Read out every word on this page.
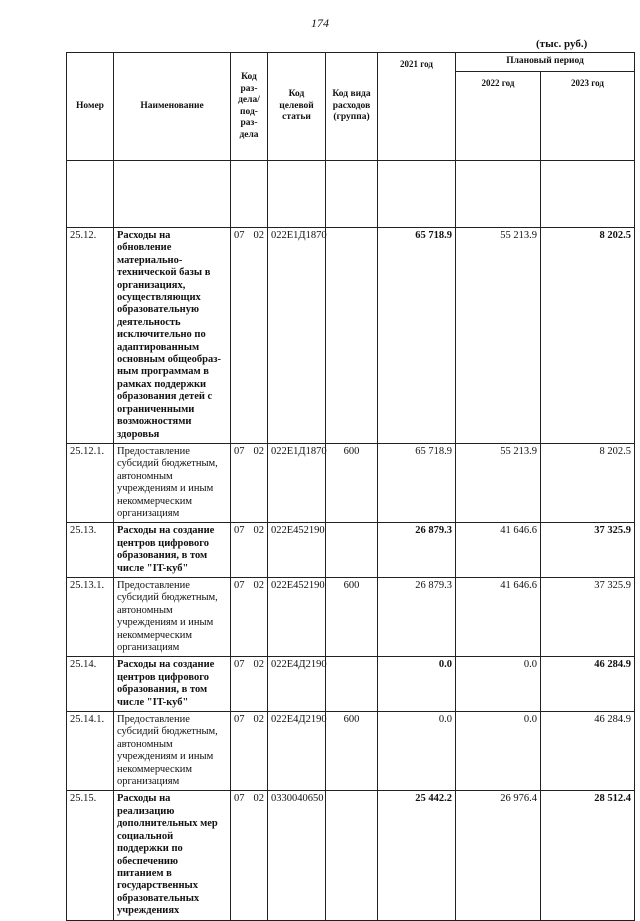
174
(тыс. руб.)
Номер	Наименование	Код раз-дела/ под-раз-дела	Код целевой статьи	Код вида расходов (группа)	2021 год	Плановый период	
						2022 год	2023 год

25.12.	Расходы на обновление материально-технической базы в организациях, осуществляющих образовательную деятельность исключительно по адаптированным основным общеобраз-ным программам в рамках поддержки образования детей с ограниченными возможностями здоровья	07 02	022Е1Д1870		65 718.9	55 213.9	8 202.5
25.12.1.	Предоставление субсидий бюджетным, автономным учреждениям и иным некоммерческим организациям	07 02	022Е1Д1870	600	65 718.9	55 213.9	8 202.5
25.13.	Расходы на создание центров цифрового образования, в том числе "IT-куб"	07 02	022Е452190		26 879.3	41 646.6	37 325.9
25.13.1.	Предоставление субсидий бюджетным, автономным учреждениям и иным некоммерческим организациям	07 02	022Е452190	600	26 879.3	41 646.6	37 325.9
25.14.	Расходы на создание центров цифрового образования, в том числе "IT-куб"	07 02	022Е4Д2190		0.0	0.0	46 284.9
25.14.1.	Предоставление субсидий бюджетным, автономным учреждениям и иным некоммерческим организациям	07 02	022Е4Д2190	600	0.0	0.0	46 284.9
25.15.	Расходы на реализацию дополнительных мер социальной поддержки по обеспечению питанием в государственных образовательных учреждениях	07 02	0330040650		25 442.2	26 976.4	28 512.4
